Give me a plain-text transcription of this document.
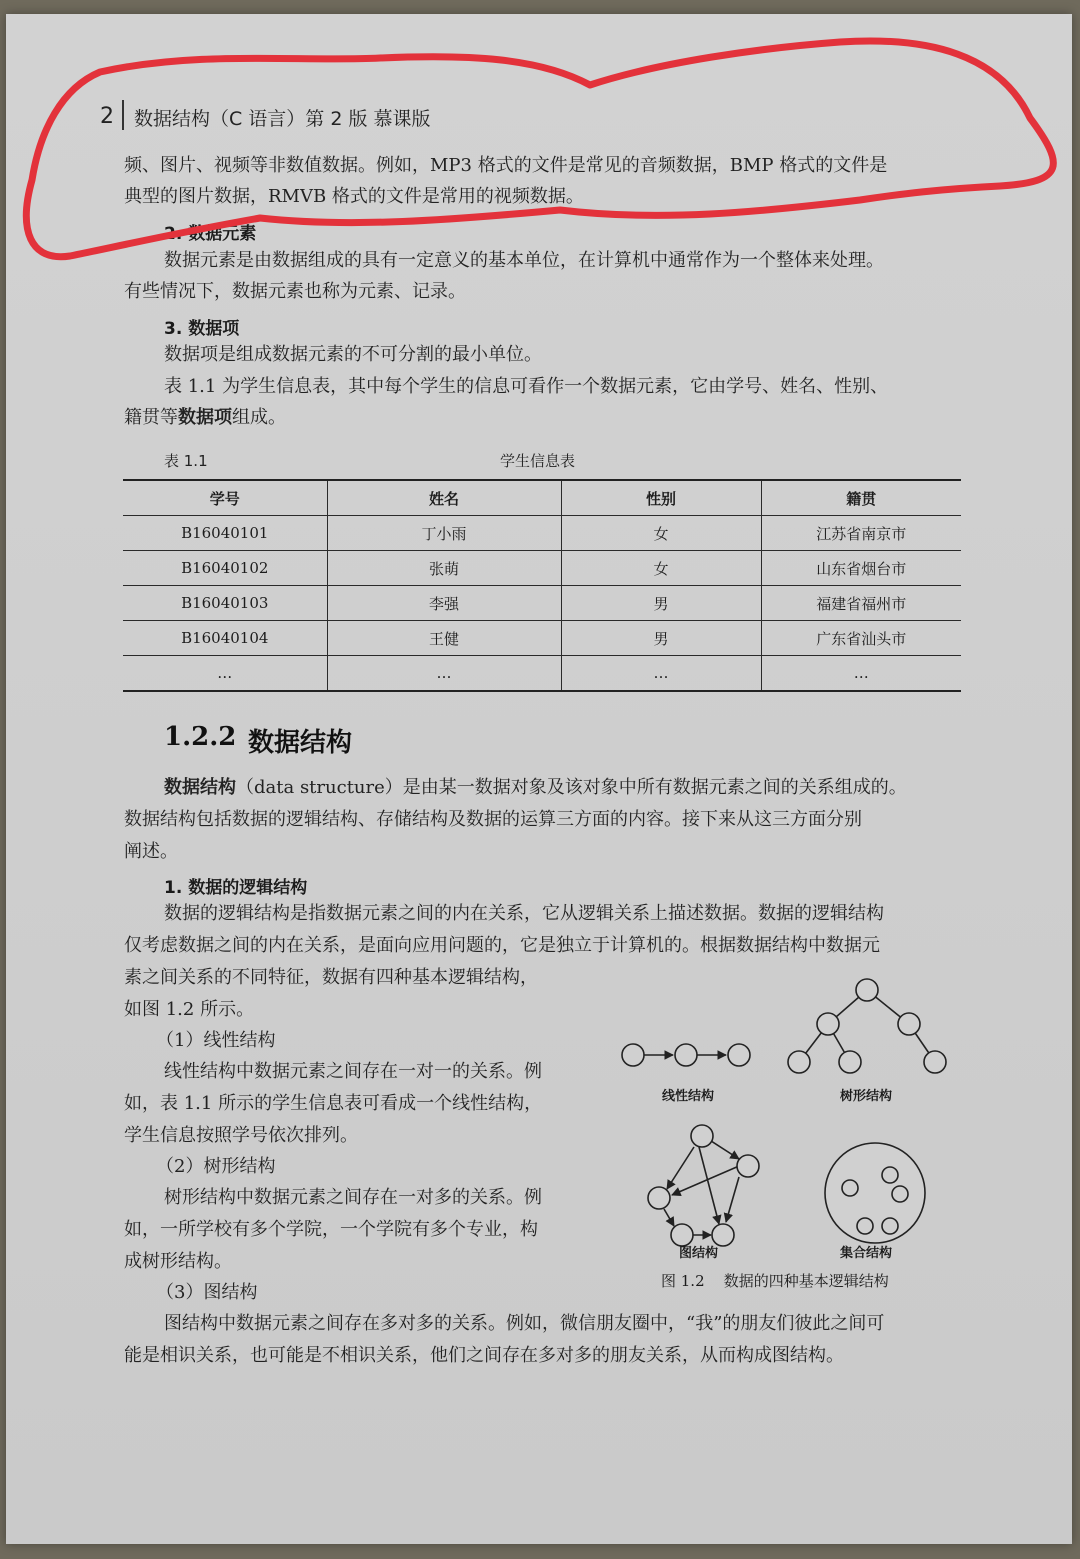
2 数据结构（C 语言）第 2 版 慕课版
频、图片、视频等非数值数据。例如，MP3 格式的文件是常见的音频数据，BMP 格式的文件是
典型的图片数据，RMVB 格式的文件是常用的视频数据。
2. 数据元素
数据元素是由数据组成的具有一定意义的基本单位，在计算机中通常作为一个整体来处理。
有些情况下，数据元素也称为元素、记录。
3. 数据项
数据项是组成数据元素的不可分割的最小单位。
表 1.1 为学生信息表，其中每个学生的信息可看作一个数据元素，它由学号、姓名、性别、
籍贯等数据项组成。
表 1.1	学生信息表
学号	姓名	性别	籍贯
B16040101	丁小雨	女	江苏省南京市
B16040102	张萌	女	山东省烟台市
B16040103	李强	男	福建省福州市
B16040104	王健	男	广东省汕头市
…	…	…	…
1.2.2 数据结构
数据结构（data structure）是由某一数据对象及该对象中所有数据元素之间的关系组成的。
数据结构包括数据的逻辑结构、存储结构及数据的运算三方面的内容。接下来从这三方面分别
阐述。
1. 数据的逻辑结构
数据的逻辑结构是指数据元素之间的内在关系，它从逻辑关系上描述数据。数据的逻辑结构
仅考虑数据之间的内在关系，是面向应用问题的，它是独立于计算机的。根据数据结构中数据元
素之间关系的不同特征，数据有四种基本逻辑结构，
如图 1.2 所示。
（1）线性结构
线性结构中数据元素之间存在一对一的关系。例
如，表 1.1 所示的学生信息表可看成一个线性结构，
学生信息按照学号依次排列。
（2）树形结构
树形结构中数据元素之间存在一对多的关系。例
如，一所学校有多个学院，一个学院有多个专业，构
成树形结构。
（3）图结构
图结构中数据元素之间存在多对多的关系。例如，微信朋友圈中，“我”的朋友们彼此之间可
能是相识关系，也可能是不相识关系，他们之间存在多对多的朋友关系，从而构成图结构。
线性结构	树形结构
图结构	集合结构
图 1.2    数据的四种基本逻辑结构
